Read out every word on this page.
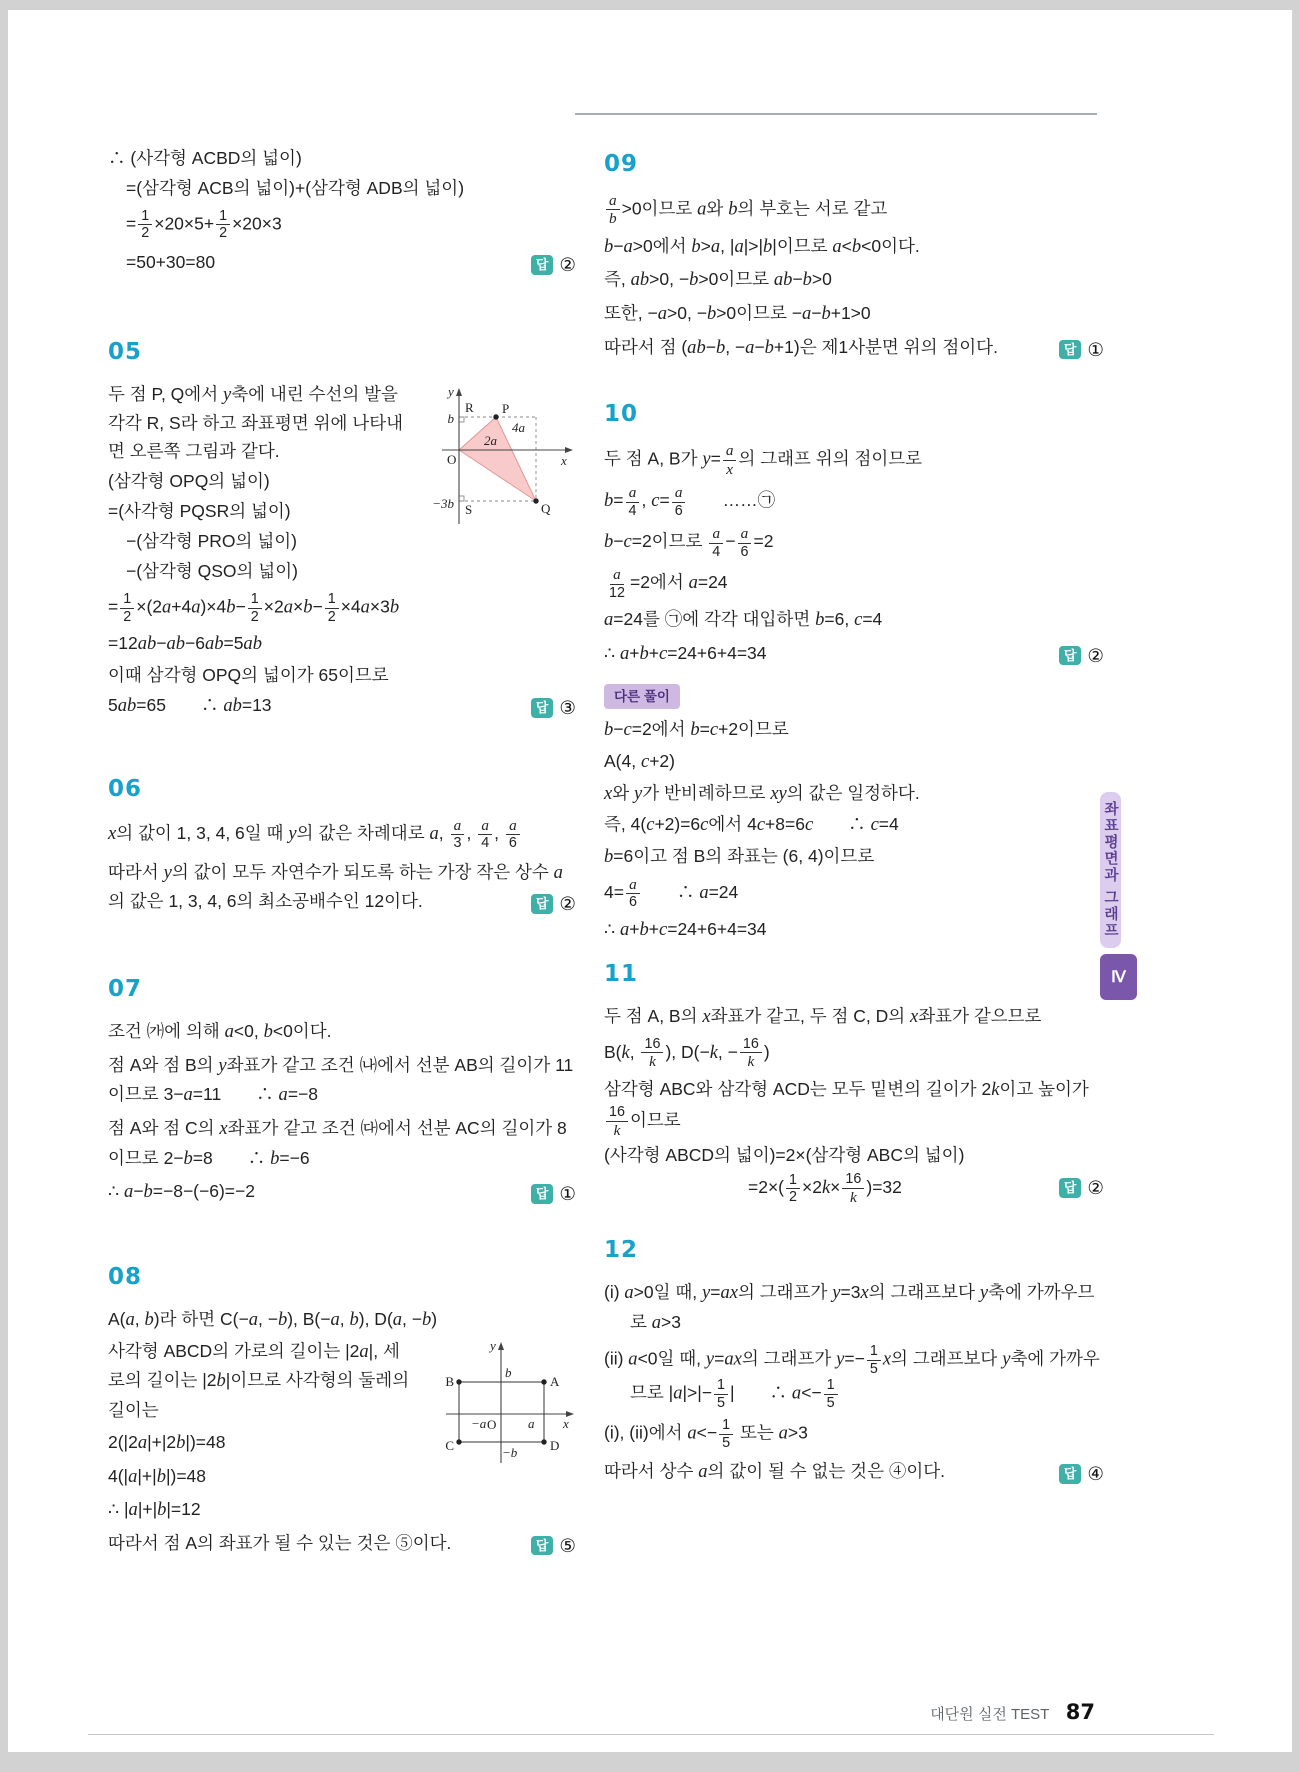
∴ (사각형 ACBD의 넓이)
=(삼각형 ACB의 넓이)+(삼각형 ADB의 넓이)
= $\frac{1}{2} \times 20\times 5+ \frac{1}{2} \times 20\times 3$
=50+30=80	답 ②
05
y
x
O
R P
b
4a
2a
Q
S
−3b
두 점 P, Q에서 y축에 내린 수선의 발을 각각 R, S라 하고 좌표평면 위에 나타내면 오른쪽 그림과 같다.
(삼각형 OPQ의 넓이)
=(사각형 PQSR의 넓이)
−(삼각형 PRO의 넓이)
−(삼각형 QSO의 넓이)
= $\frac{1}{2} \times(2a+4a)\times 4b- \frac{1}{2} \times 2a\times b- \frac{1}{2} \times 4a\times 3b$
=12ab−ab−6ab=5ab
이때 삼각형 OPQ의 넓이가 65이므로
5ab=65　　∴ ab=13	답 ③
06
x의 값이 1, 3, 4, 6일 때 y의 값은 차례대로 a, $\frac{a}{3}$ , $\frac{a}{4}$ , $\frac{a}{6}$
따라서 y의 값이 모두 자연수가 되도록 하는 가장 작은 상수 a의 값은 1, 3, 4, 6의 최소공배수인 12이다.	답 ②
07
조건 ㈎에 의해 a<0, b<0이다.
점 A와 점 B의 y좌표가 같고 조건 ㈏에서 선분 AB의 길이가 11이므로 3−a=11　　∴ a=−8
점 A와 점 C의 x좌표가 같고 조건 ㈐에서 선분 AC의 길이가 8이므로 2−b=8　　∴ b=−6
∴ a−b=−8−(−6)=−2	답 ①
08
A(a, b)라 하면 C(−a, −b), B(−a, b), D(a, −b)
y
x
B	A
C	D
b
−a	a
O
−b
사각형 ABCD의 가로의 길이는 |2a|, 세로의 길이는 |2b|이므로 사각형의 둘레의 길이는
2(|2a|+|2b|)=48
4(|a|+|b|)=48
∴ |a|+|b|=12
따라서 점 A의 좌표가 될 수 있는 것은 ⑤이다.	답 ⑤
09
$\frac{a}{b} >0$이므로 a와 b의 부호는 서로 같고
b−a>0에서 b>a, |a|>|b|이므로 a<b<0이다.
즉, ab>0, −b>0이므로 ab−b>0
또한, −a>0, −b>0이므로 −a−b+1>0
따라서 점 (ab−b, −a−b+1)은 제1사분면 위의 점이다.	답 ①
10
두 점 A, B가 $y= \frac{a}{x}$ 의 그래프 위의 점이므로
$b= \frac{a}{4}$ , $c= \frac{a}{6}$ 　　……㉠
b−c=2이므로 $\frac{a}{4} - \frac{a}{6} =2$
$\frac{a}{12} =2$에서 a=24
a=24를 ㉠에 각각 대입하면 b=6, c=4
∴ a+b+c=24+6+4=34	답 ②
다른 풀이
b−c=2에서 b=c+2이므로
A(4, c+2)
x와 y가 반비례하므로 xy의 값은 일정하다.
즉, 4(c+2)=6c에서 4c+8=6c　　∴ c=4
b=6이고 점 B의 좌표는 (6, 4)이므로
$4= \frac{a}{6}$ 　　∴ a=24
∴ a+b+c=24+6+4=34
11
두 점 A, B의 x좌표가 같고, 두 점 C, D의 x좌표가 같으므로
B(k, $\frac{16}{k}$ ), D(−k, − $\frac{16}{k}$ )
삼각형 ABC와 삼각형 ACD는 모두 밑변의 길이가 2k이고 높이가
$\frac{16}{k}$ 이므로
(사각형 ABCD의 넓이)=2×(삼각형 ABC의 넓이)
$=2\times( \frac{1}{2} \times 2k\times \frac{16}{k} )=32$	답 ②
12
(i) a>0일 때, y=ax의 그래프가 y=3x의 그래프보다 y축에 가까우므로 a>3
(ii) a<0일 때, y=ax의 그래프가 $y=- \frac{1}{5}$ x의 그래프보다 y축에 가까우므로 $|a|>|- \frac{1}{5}$ |　　∴ $a<- \frac{1}{5}$
(i), (ii)에서 $a<- \frac{1}{5}$ 또는 a>3
따라서 상수 a의 값이 될 수 없는 것은 ④이다.	답 ④
좌표평면과 그래프
Ⅳ
대단원 실전 TEST 87
